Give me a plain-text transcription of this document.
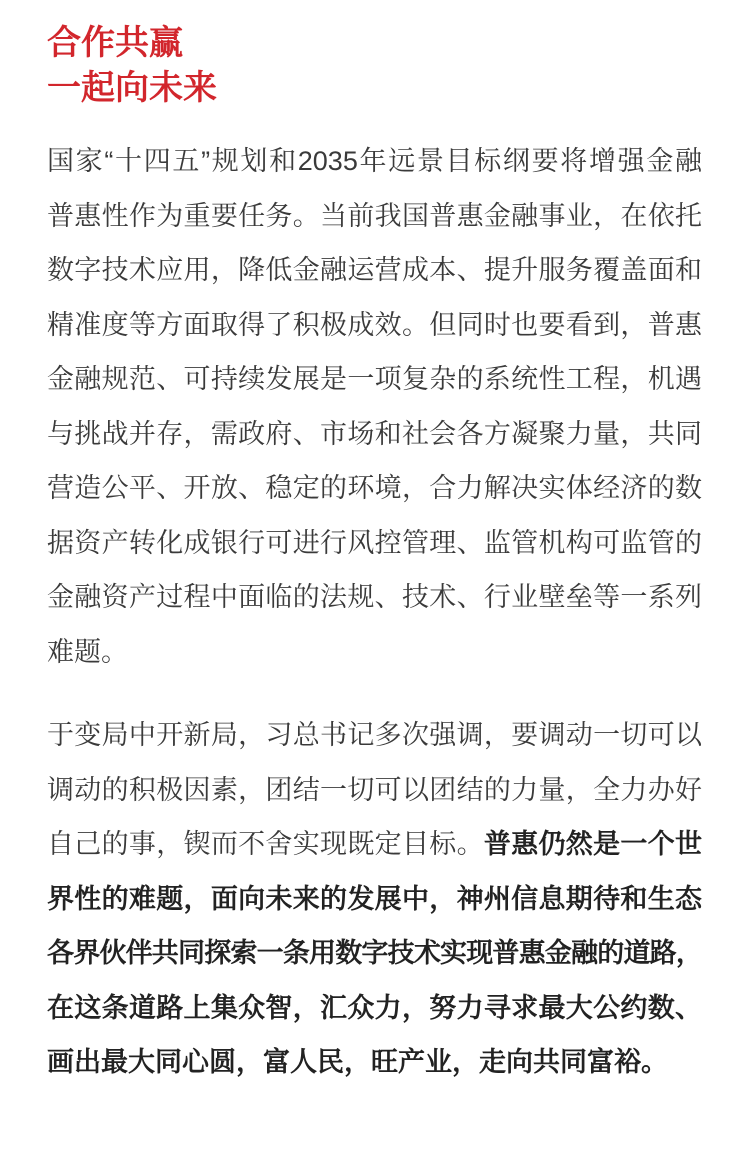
合作共赢
一起向未来
国家“十四五”规划和2035年远景目标纲要将增强金融
普惠性作为重要任务。当前我国普惠金融事业，在依托
数字技术应用，降低金融运营成本、提升服务覆盖面和
精准度等方面取得了积极成效。但同时也要看到，普惠
金融规范、可持续发展是一项复杂的系统性工程，机遇
与挑战并存，需政府、市场和社会各方凝聚力量，共同
营造公平、开放、稳定的环境，合力解决实体经济的数
据资产转化成银行可进行风控管理、监管机构可监管的
金融资产过程中面临的法规、技术、行业壁垒等一系列
难题。
于变局中开新局，习总书记多次强调，要调动一切可以
调动的积极因素，团结一切可以团结的力量，全力办好
自己的事，锲而不舍实现既定目标。普惠仍然是一个世
界性的难题，面向未来的发展中，神州信息期待和生态
各界伙伴共同探索一条用数字技术实现普惠金融的道路，
在这条道路上集众智，汇众力，努力寻求最大公约数、
画出最大同心圆，富人民，旺产业，走向共同富裕。
